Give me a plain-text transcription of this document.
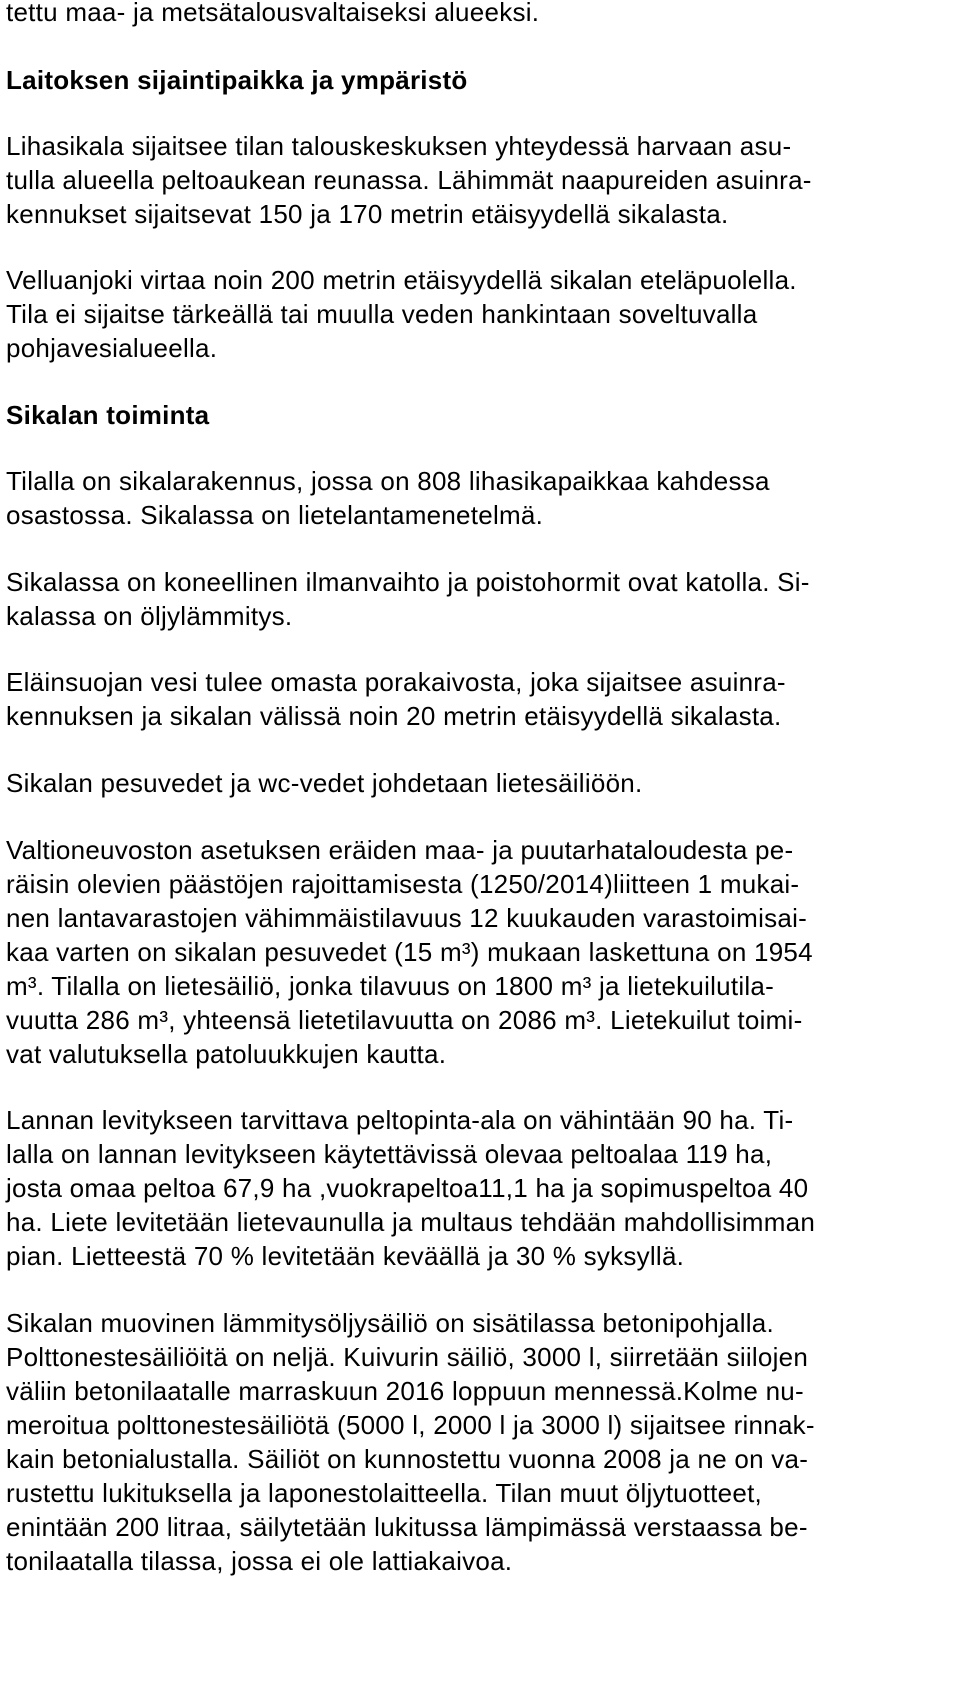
tettu maa- ja metsätalousvaltaiseksi alueeksi.
Laitoksen sijaintipaikka ja ympäristö
Lihasikala sijaitsee tilan talouskeskuksen yhteydessä harvaan asu-
tulla alueella peltoaukean reunassa. Lähimmät naapureiden asuinra-
kennukset sijaitsevat 150 ja 170 metrin etäisyydellä sikalasta.
Velluanjoki virtaa noin 200 metrin etäisyydellä sikalan eteläpuolella.
Tila ei sijaitse tärkeällä tai muulla veden hankintaan soveltuvalla
pohjavesialueella.
Sikalan toiminta
Tilalla on sikalarakennus, jossa on 808 lihasikapaikkaa kahdessa
osastossa. Sikalassa on lietelantamenetelmä.
Sikalassa on koneellinen ilmanvaihto ja poistohormit ovat katolla. Si-
kalassa on öljylämmitys.
Eläinsuojan vesi tulee omasta porakaivosta, joka sijaitsee asuinra-
kennuksen ja sikalan välissä noin 20 metrin etäisyydellä sikalasta.
Sikalan pesuvedet ja wc-vedet johdetaan lietesäiliöön.
Valtioneuvoston asetuksen eräiden maa- ja puutarhataloudesta pe-
räisin olevien päästöjen rajoittamisesta (1250/2014)liitteen 1 mukai-
nen lantavarastojen vähimmäistilavuus 12 kuukauden varastoimisai-
kaa varten on sikalan pesuvedet (15 m³) mukaan laskettuna on 1954
m³. Tilalla on lietesäiliö, jonka tilavuus on 1800 m³ ja lietekuilutila-
vuutta 286 m³, yhteensä lietetilavuutta on 2086 m³. Lietekuilut toimi-
vat valutuksella patoluukkujen kautta.
Lannan levitykseen tarvittava peltopinta-ala on vähintään 90 ha. Ti-
lalla on lannan levitykseen käytettävissä olevaa peltoalaa 119 ha,
josta omaa peltoa 67,9 ha ,vuokrapeltoa11,1 ha ja sopimuspeltoa 40
ha. Liete levitetään lietevaunulla ja multaus tehdään mahdollisimman
pian. Lietteestä 70 % levitetään keväällä ja 30 % syksyllä.
Sikalan muovinen lämmitysöljysäiliö on sisätilassa betonipohjalla.
Polttonestesäiliöitä on neljä. Kuivurin säiliö, 3000 l, siirretään siilojen
väliin betonilaatalle marraskuun 2016 loppuun mennessä.Kolme nu-
meroitua polttonestesäiliötä (5000 l, 2000 l ja 3000 l) sijaitsee rinnak-
kain betonialustalla. Säiliöt on kunnostettu vuonna 2008 ja ne on va-
rustettu lukituksella ja laponestolaitteella. Tilan muut öljytuotteet,
enintään 200 litraa, säilytetään lukitussa lämpimässä verstaassa be-
tonilaatalla tilassa, jossa ei ole lattiakaivoa.
